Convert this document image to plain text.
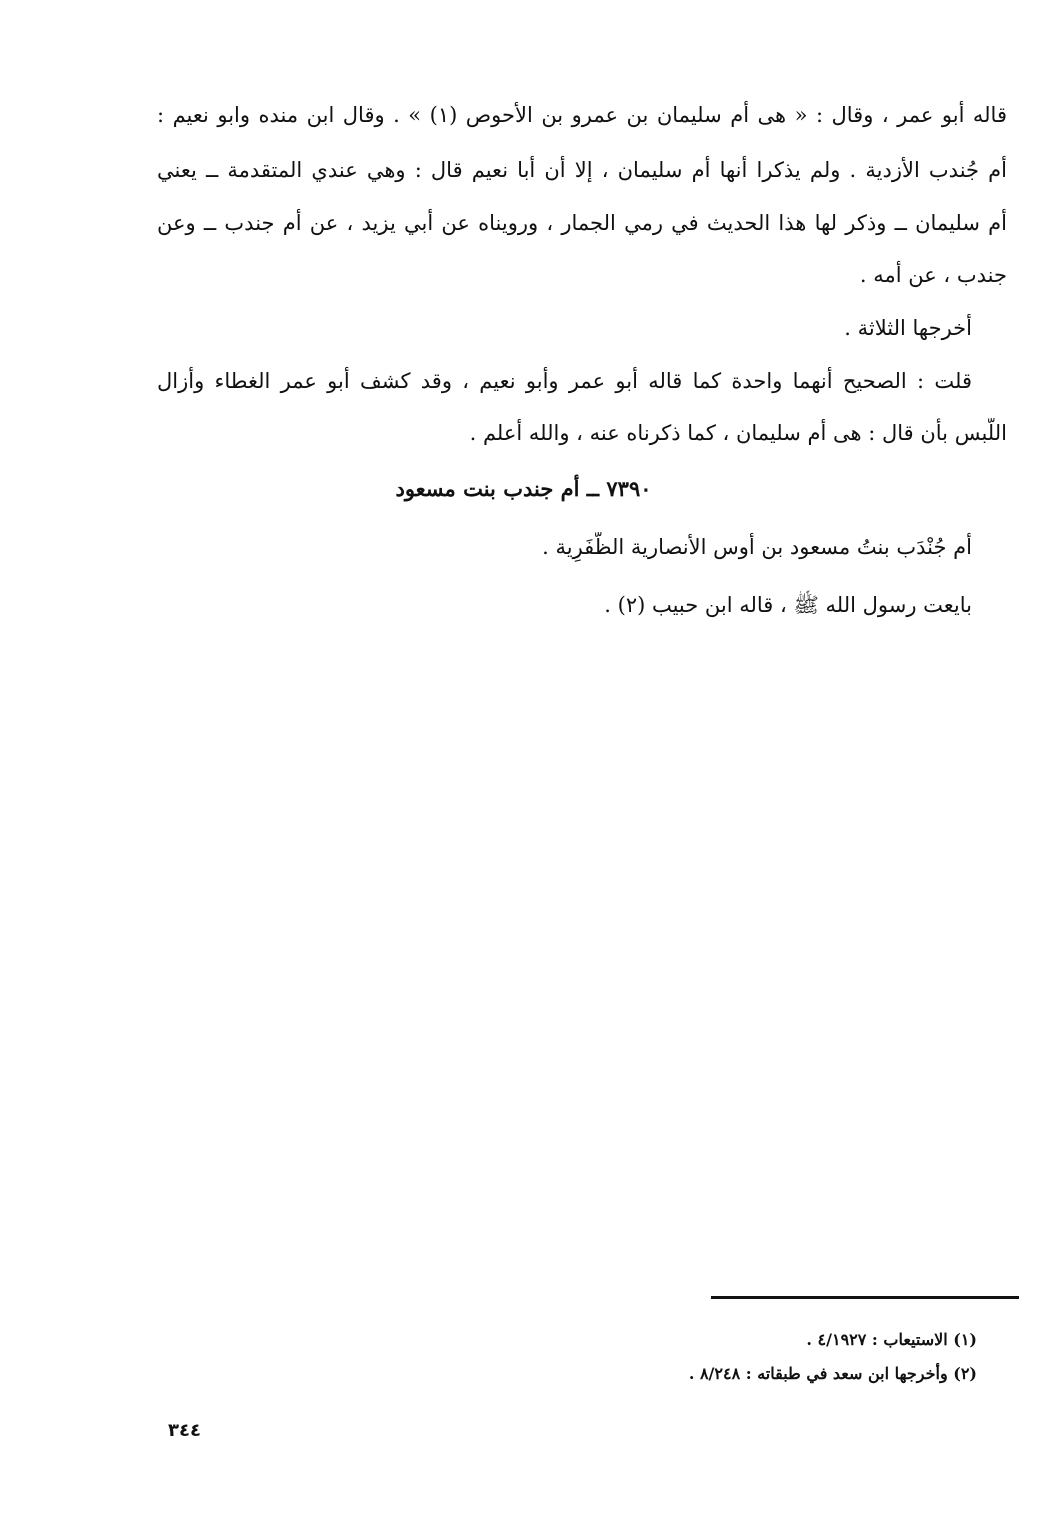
قاله أبو عمر ، وقال : « هى أم سليمان بن عمرو بن الأحوص (١) » . وقال ابن منده وابو نعيم :
أم جُندب الأزدية . ولم يذكرا أنها أم سليمان ، إلا أن أبا نعيم قال : وهي عندي المتقدمة ــ يعني
أم سليمان ــ وذكر لها هذا الحديث في رمي الجمار ، ورويناه عن أبي يزيد ، عن أم جندب ــ وعن
جندب ، عن أمه .
أخرجها الثلاثة .
قلت : الصحيح أنهما واحدة كما قاله أبو عمر وأبو نعيم ، وقد كشف أبو عمر الغطاء وأزال
اللّبس بأن قال : هى أم سليمان ، كما ذكرناه عنه ، والله أعلم .
٧٣٩٠ ــ أم جندب بنت مسعود
أم جُنْدَب بنتُ مسعود بن أوس الأنصارية الظَّفَرِية .
بايعت رسول الله ﷺ ، قاله ابن حبيب (٢) .
(١) الاستيعاب : ٤/١٩٢٧ .
(٢) وأخرجها ابن سعد في طبقاته : ٨/٢٤٨ .
٣٤٤
